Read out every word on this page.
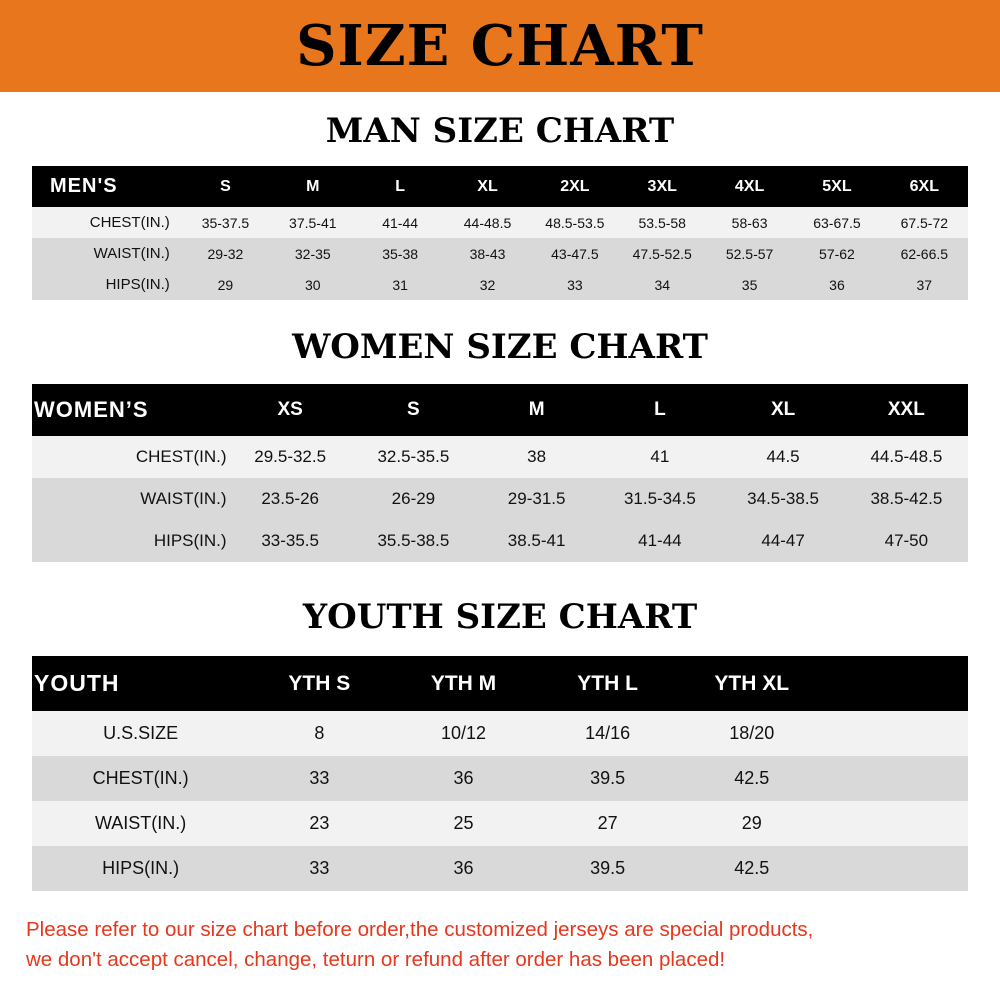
SIZE CHART
MAN SIZE CHART
MEN'S	S	M	L	XL	2XL	3XL	4XL	5XL	6XL
CHEST(IN.)	35-37.5	37.5-41	41-44	44-48.5	48.5-53.5	53.5-58	58-63	63-67.5	67.5-72
WAIST(IN.)	29-32	32-35	35-38	38-43	43-47.5	47.5-52.5	52.5-57	57-62	62-66.5
HIPS(IN.)	29	30	31	32	33	34	35	36	37
WOMEN SIZE CHART
WOMEN’S	XS	S	M	L	XL	XXL
CHEST(IN.)	29.5-32.5	32.5-35.5	38	41	44.5	44.5-48.5
WAIST(IN.)	23.5-26	26-29	29-31.5	31.5-34.5	34.5-38.5	38.5-42.5
HIPS(IN.)	33-35.5	35.5-38.5	38.5-41	41-44	44-47	47-50
YOUTH SIZE CHART
YOUTH	YTH S	YTH M	YTH L	YTH XL		
U.S.SIZE	8	10/12	14/16	18/20		
CHEST(IN.)	33	36	39.5	42.5		
WAIST(IN.)	23	25	27	29		
HIPS(IN.)	33	36	39.5	42.5		
Please refer to our size chart before order,the customized jerseys are special products,
we don't accept cancel, change, teturn or refund after order has been placed!
